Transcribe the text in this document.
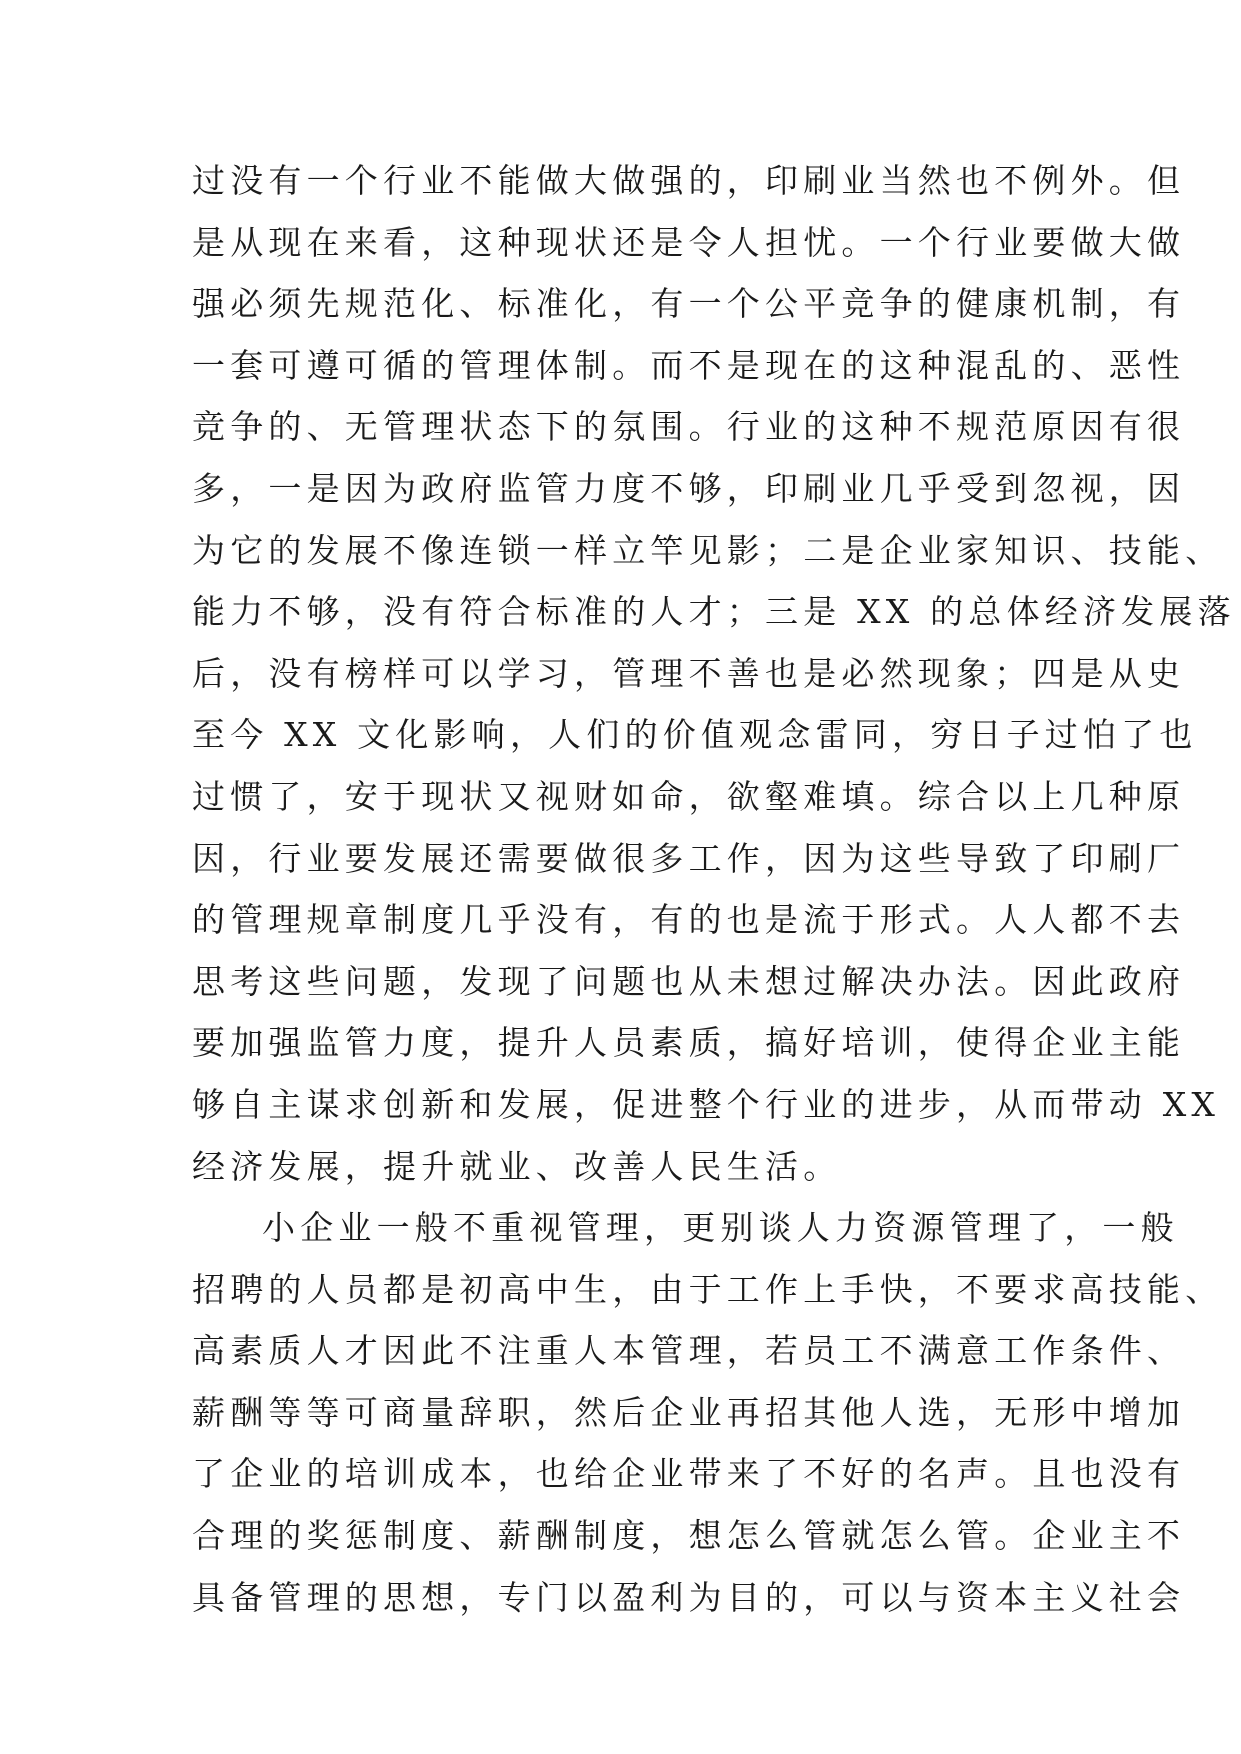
过没有一个行业不能做大做强的，印刷业当然也不例外。但
是从现在来看，这种现状还是令人担忧。一个行业要做大做
强必须先规范化、标准化，有一个公平竞争的健康机制，有
一套可遵可循的管理体制。而不是现在的这种混乱的、恶性
竞争的、无管理状态下的氛围。行业的这种不规范原因有很
多，一是因为政府监管力度不够，印刷业几乎受到忽视，因
为它的发展不像连锁一样立竿见影；二是企业家知识、技能、
能力不够，没有符合标准的人才；三是 XX 的总体经济发展落
后，没有榜样可以学习，管理不善也是必然现象；四是从史
至今 XX 文化影响，人们的价值观念雷同，穷日子过怕了也
过惯了，安于现状又视财如命，欲壑难填。综合以上几种原
因，行业要发展还需要做很多工作，因为这些导致了印刷厂
的管理规章制度几乎没有，有的也是流于形式。人人都不去
思考这些问题，发现了问题也从未想过解决办法。因此政府
要加强监管力度，提升人员素质，搞好培训，使得企业主能
够自主谋求创新和发展，促进整个行业的进步，从而带动 XX
经济发展，提升就业、改善人民生活。
小企业一般不重视管理，更别谈人力资源管理了，一般
招聘的人员都是初高中生，由于工作上手快，不要求高技能、
高素质人才因此不注重人本管理，若员工不满意工作条件、
薪酬等等可商量辞职，然后企业再招其他人选，无形中增加
了企业的培训成本，也给企业带来了不好的名声。且也没有
合理的奖惩制度、薪酬制度，想怎么管就怎么管。企业主不
具备管理的思想，专门以盈利为目的，可以与资本主义社会
